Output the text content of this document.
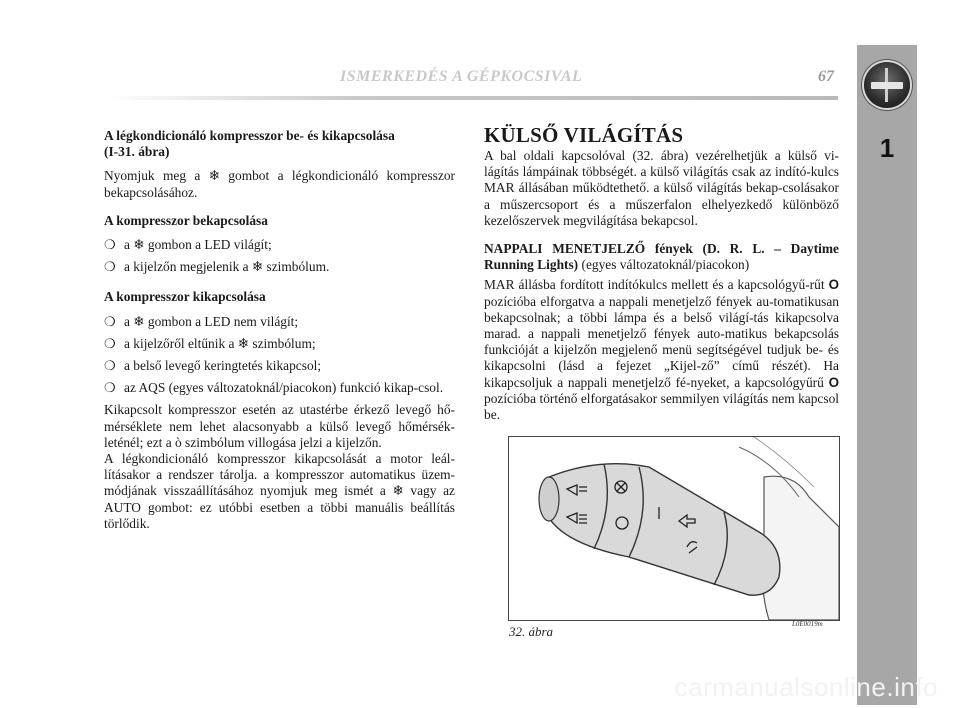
ISMERKEDÉS A GÉPKOCSIVAL	67
1

A légkondicionáló kompresszor be- és kikapcsolása
(I-31. ábra)

Nyomjuk meg a ❄ gombot a légkondicionáló kompresszor bekapcsolásához.

A kompresszor bekapcsolása

❍ a ❄ gombon a LED világít;
❍ a kijelzőn megjelenik a ❄ szimbólum.

A kompresszor kikapcsolása

❍ a ❄ gombon a LED nem világít;
❍ a kijelzőről eltűnik a ❄ szimbólum;
❍ a belső levegő keringtetés kikapcsol;
❍ az AQS (egyes változatoknál/piacokon) funkció kikap-csol.

Kikapcsolt kompresszor esetén az utastérbe érkező levegő hő-mérséklete nem lehet alacsonyabb a külső levegő hőmérsék-leténél; ezt a ò szimbólum villogása jelzi a kijelzőn.

A légkondicionáló kompresszor kikapcsolását a motor leál-lításakor a rendszer tárolja. a kompresszor automatikus üzem-módjának visszaállításához nyomjuk meg ismét a ❄ vagy az AUTO gombot: ez utóbbi esetben a többi manuális beállítás törlődik.

KÜLSŐ VILÁGÍTÁS

A bal oldali kapcsolóval (32. ábra) vezérelhetjük a külső vi-lágítás lámpáinak többségét. a külső világítás csak az indító-kulcs MAR állásában működtethető. a külső világítás bekap-csolásakor a műszercsoport és a műszerfalon elhelyezkedő különböző kezelőszervek megvilágítása bekapcsol.

NAPPALI MENETJELZŐ fények (D. R. L. – Daytime Running Lights) (egyes változatoknál/piacokon)

MAR állásba fordított indítókulcs mellett és a kapcsológyű-rűt O pozícióba elforgatva a nappali menetjelző fények au-tomatikusan bekapcsolnak; a többi lámpa és a belső világí-tás kikapcsolva marad. a nappali menetjelző fények auto-matikus bekapcsolás funkcióját a kijelzőn megjelenő menü segítségével tudjuk be- és kikapcsolni (lásd a fejezet „Kijel-ző” című részét). Ha kikapcsoljuk a nappali menetjelző fé-nyeket, a kapcsológyűrű O pozícióba történő elforgatásakor semmilyen világítás nem kapcsol be.

L0E0019m
32. ábra
carmanualsonline.info
